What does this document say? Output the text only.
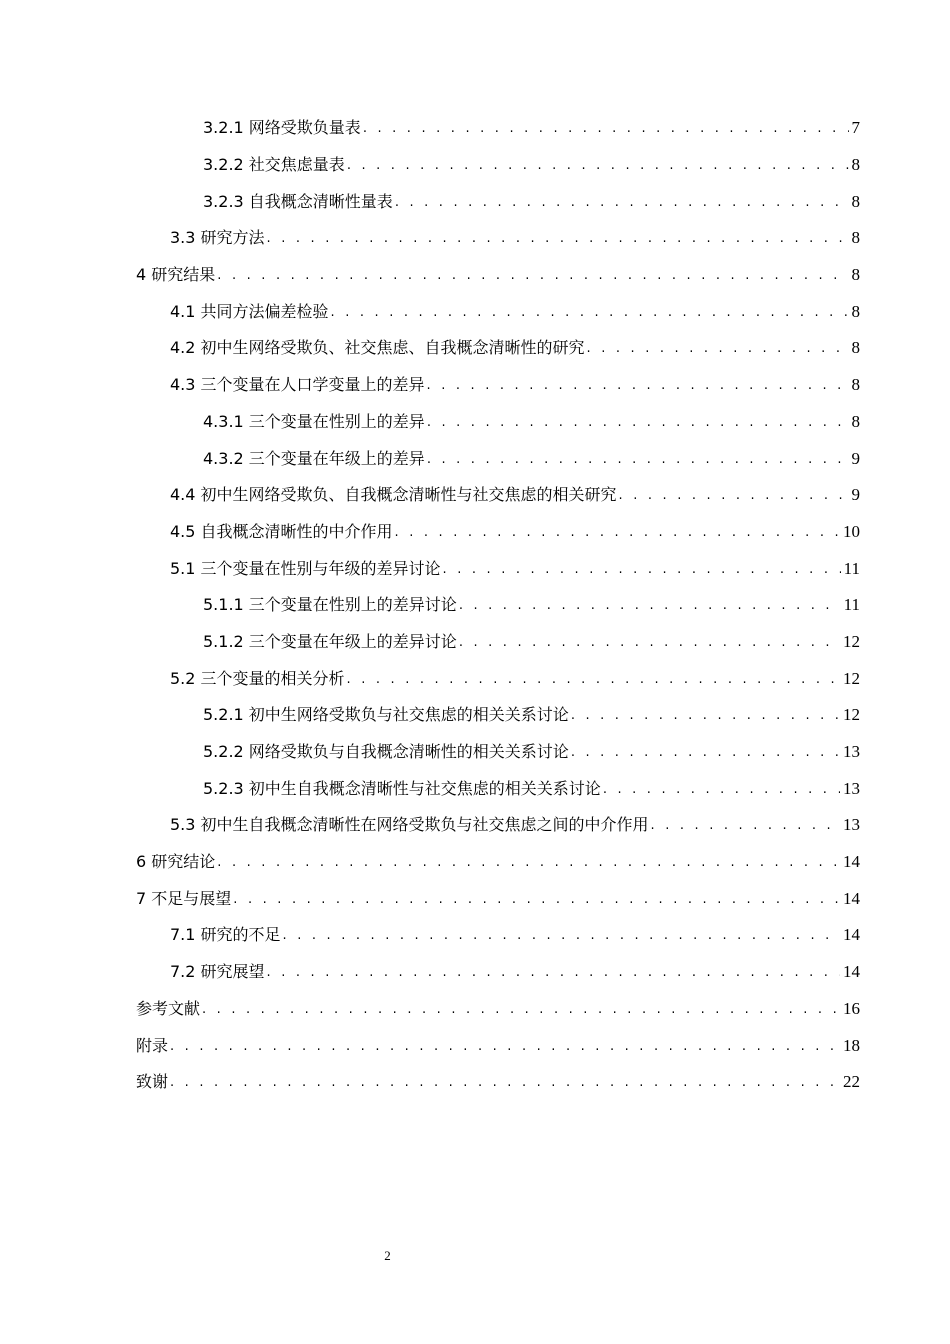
3.2.1 网络受欺负量表 . . .	7
3.2.2 社交焦虑量表 . . .	8
3.2.3 自我概念清晰性量表 . . .	8
3.3 研究方法 . . .	8
4 研究结果 . . .	8
4.1 共同方法偏差检验 . . .	8
4.2 初中生网络受欺负、社交焦虑、自我概念清晰性的研究 . . .	8
4.3 三个变量在人口学变量上的差异 . . .	8
4.3.1 三个变量在性别上的差异 . . .	8
4.3.2 三个变量在年级上的差异 . . .	9
4.4 初中生网络受欺负、自我概念清晰性与社交焦虑的相关研究 . . .	9
4.5 自我概念清晰性的中介作用 . . .	10
5.1 三个变量在性别与年级的差异讨论 . . .	11
5.1.1 三个变量在性别上的差异讨论 . . .	11
5.1.2 三个变量在年级上的差异讨论 . . .	12
5.2 三个变量的相关分析 . . .	12
5.2.1 初中生网络受欺负与社交焦虑的相关关系讨论 . . .	12
5.2.2 网络受欺负与自我概念清晰性的相关关系讨论 . . .	13
5.2.3 初中生自我概念清晰性与社交焦虑的相关关系讨论 . . .	13
5.3 初中生自我概念清晰性在网络受欺负与社交焦虑之间的中介作用 . . .	13
6 研究结论 . . .	14
7 不足与展望 . . .	14
7.1 研究的不足 . . .	14
7.2 研究展望 . . .	14
参考文献 . . .	16
附录 . . .	18
致谢 . . .	22
2
